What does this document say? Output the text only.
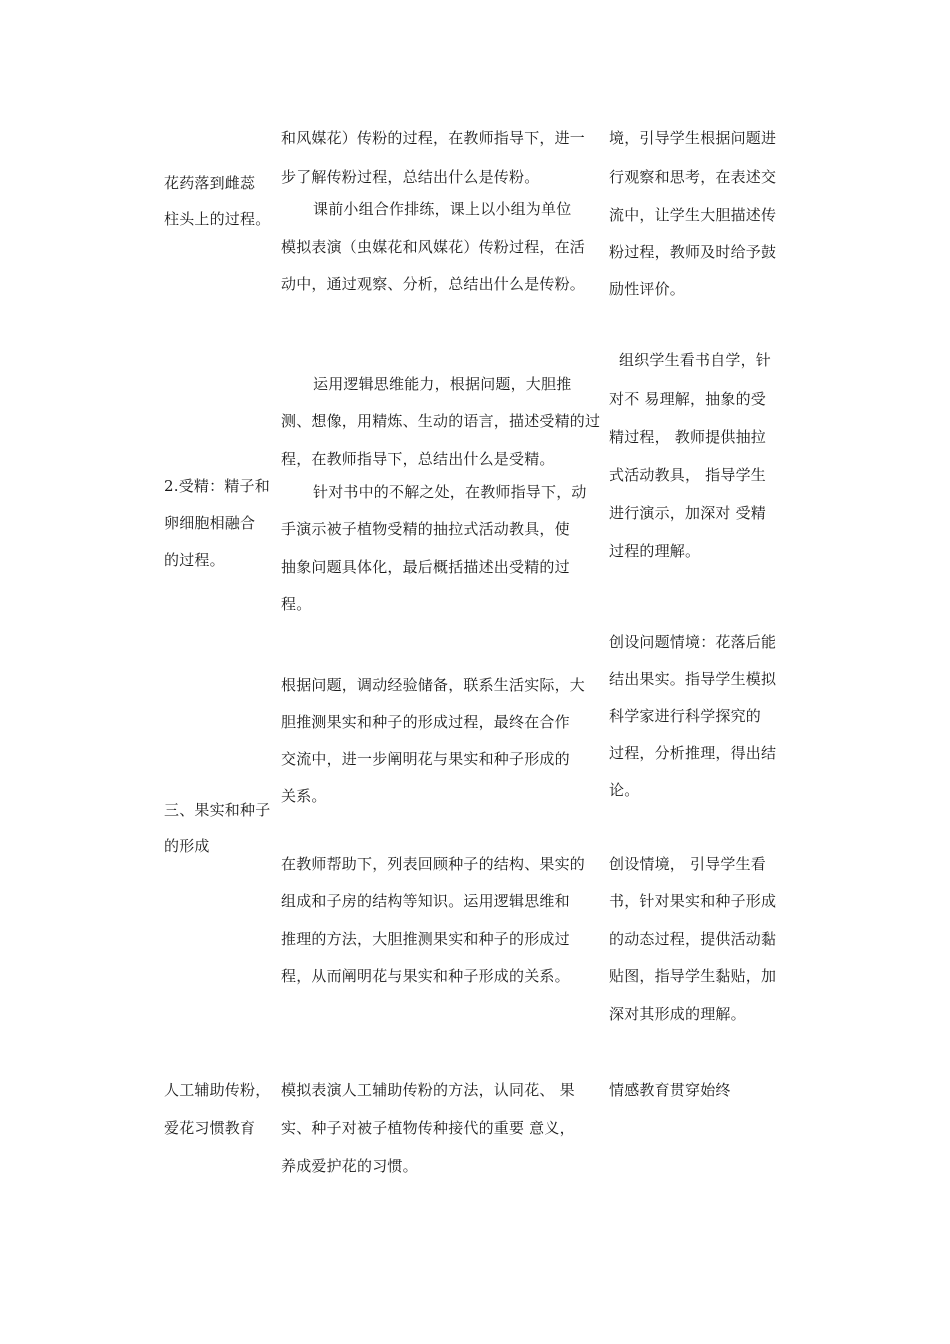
花药落到雌蕊
柱头上的过程。
2.受精：精子和
卵细胞相融合
的过程。
三、果实和种子
的形成
人工辅助传粉，
爱花习惯教育
和风媒花）传粉的过程，在教师指导下，进一
步了解传粉过程，总结出什么是传粉。
课前小组合作排练，课上以小组为单位
模拟表演（虫媒花和风媒花）传粉过程，在活
动中，通过观察、分析，总结出什么是传粉。
运用逻辑思维能力，根据问题，大胆推
测、想像，用精炼、生动的语言，描述受精的过
程，在教师指导下，总结出什么是受精。
针对书中的不解之处，在教师指导下，动
手演示被子植物受精的抽拉式活动教具，使
抽象问题具体化，最后概括描述出受精的过
程。
根据问题，调动经验储备，联系生活实际，大
胆推测果实和种子的形成过程，最终在合作
交流中，进一步阐明花与果实和种子形成的
关系。
在教师帮助下，列表回顾种子的结构、果实的
组成和子房的结构等知识。运用逻辑思维和
推理的方法，大胆推测果实和种子的形成过
程，从而阐明花与果实和种子形成的关系。
模拟表演人工辅助传粉的方法，认同花、 果
实、种子对被子植物传种接代的重要 意义，
养成爱护花的习惯。
境，引导学生根据问题进
行观察和思考，在表述交
流中，让学生大胆描述传
粉过程，教师及时给予鼓
励性评价。
组织学生看书自学，针
对不 易理解，抽象的受
精过程， 教师提供抽拉
式活动教具， 指导学生
进行演示，加深对 受精
过程的理解。
创设问题情境：花落后能
结出果实。指导学生模拟
科学家进行科学探究的
过程，分析推理，得出结
论。
创设情境， 引导学生看
书，针对果实和种子形成
的动态过程，提供活动黏
贴图，指导学生黏贴，加
深对其形成的理解。
情感教育贯穿始终
